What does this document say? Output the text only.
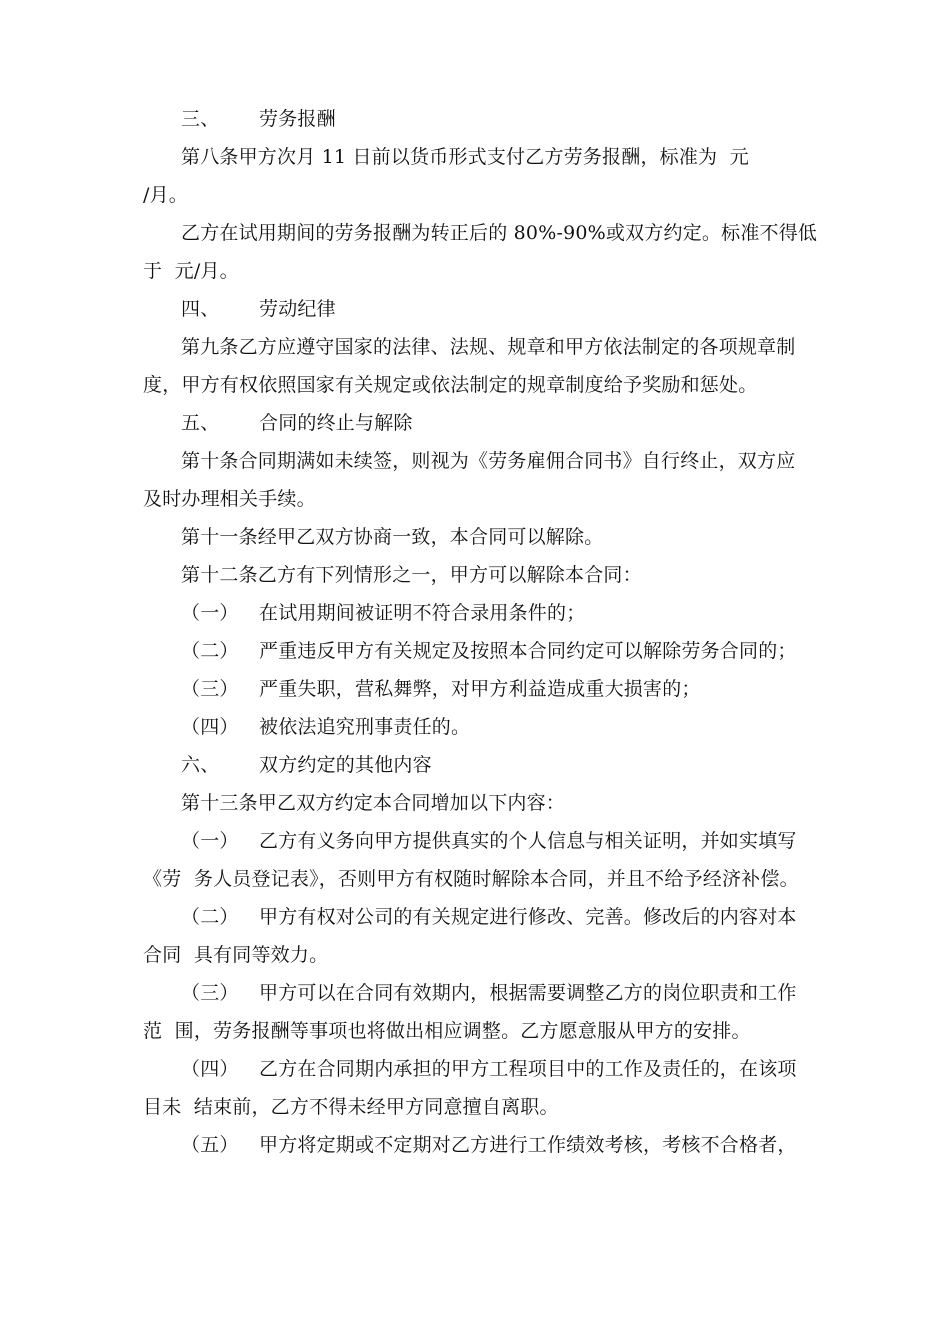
三、 劳务报酬
第八条甲方次月 11 日前以货币形式支付乙方劳务报酬，标准为  元
/月。
乙方在试用期间的劳务报酬为转正后的 80%-90%或双方约定。标准不得低
于  元/月。
四、 劳动纪律
第九条乙方应遵守国家的法律、法规、规章和甲方依法制定的各项规章制
度，甲方有权依照国家有关规定或依法制定的规章制度给予奖励和惩处。
五、 合同的终止与解除
第十条合同期满如未续签，则视为《劳务雇佣合同书》自行终止，双方应
及时办理相关手续。
第十一条经甲乙双方协商一致，本合同可以解除。
第十二条乙方有下列情形之一，甲方可以解除本合同：
（一） 在试用期间被证明不符合录用条件的；
（二） 严重违反甲方有关规定及按照本合同约定可以解除劳务合同的；
（三） 严重失职，营私舞弊，对甲方利益造成重大损害的；
（四） 被依法追究刑事责任的。
六、 双方约定的其他内容
第十三条甲乙双方约定本合同增加以下内容：
（一） 乙方有义务向甲方提供真实的个人信息与相关证明，并如实填写
《劳  务人员登记表》，否则甲方有权随时解除本合同，并且不给予经济补偿。
（二） 甲方有权对公司的有关规定进行修改、完善。修改后的内容对本
合同  具有同等效力。
（三） 甲方可以在合同有效期内，根据需要调整乙方的岗位职责和工作
范  围，劳务报酬等事项也将做出相应调整。乙方愿意服从甲方的安排。
（四） 乙方在合同期内承担的甲方工程项目中的工作及责任的，在该项
目未  结束前，乙方不得未经甲方同意擅自离职。
（五） 甲方将定期或不定期对乙方进行工作绩效考核，考核不合格者，
